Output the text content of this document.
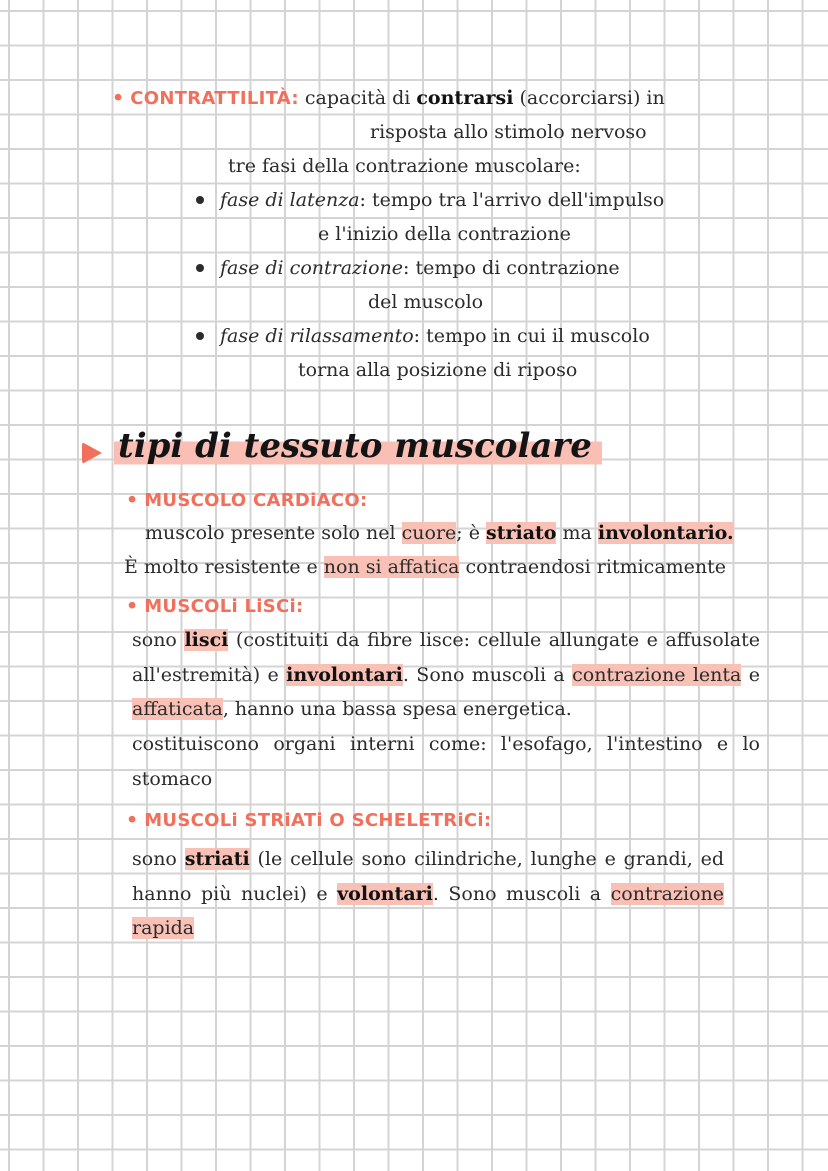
• CONTRATTILITÀ: capacità di contrarsi (accorciarsi) in
risposta allo stimolo nervoso
tre fasi della contrazione muscolare:
fase di latenza: tempo tra l'arrivo dell'impulso
e l'inizio della contrazione
fase di contrazione: tempo di contrazione
del muscolo
fase di rilassamento: tempo in cui il muscolo
torna alla posizione di riposo
tipi di tessuto muscolare
• MUSCOLO CARDiACO:
muscolo presente solo nel cuore; è striato ma involontario.
È molto resistente e non si affatica contraendosi ritmicamente
• MUSCOLi LiSCi:
sono lisci (costituiti da fibre lisce: cellule allungate e affusolate all'estremità) e involontari. Sono muscoli a contrazione lenta e affaticata, hanno una bassa spesa energetica.
costituiscono organi interni come: l'esofago, l'intestino e lo stomaco
• MUSCOLi STRiATi O SCHELETRiCi:
sono striati (le cellule sono cilindriche, lunghe e grandi, ed hanno più nuclei) e volontari. Sono muscoli a contrazione rapida
